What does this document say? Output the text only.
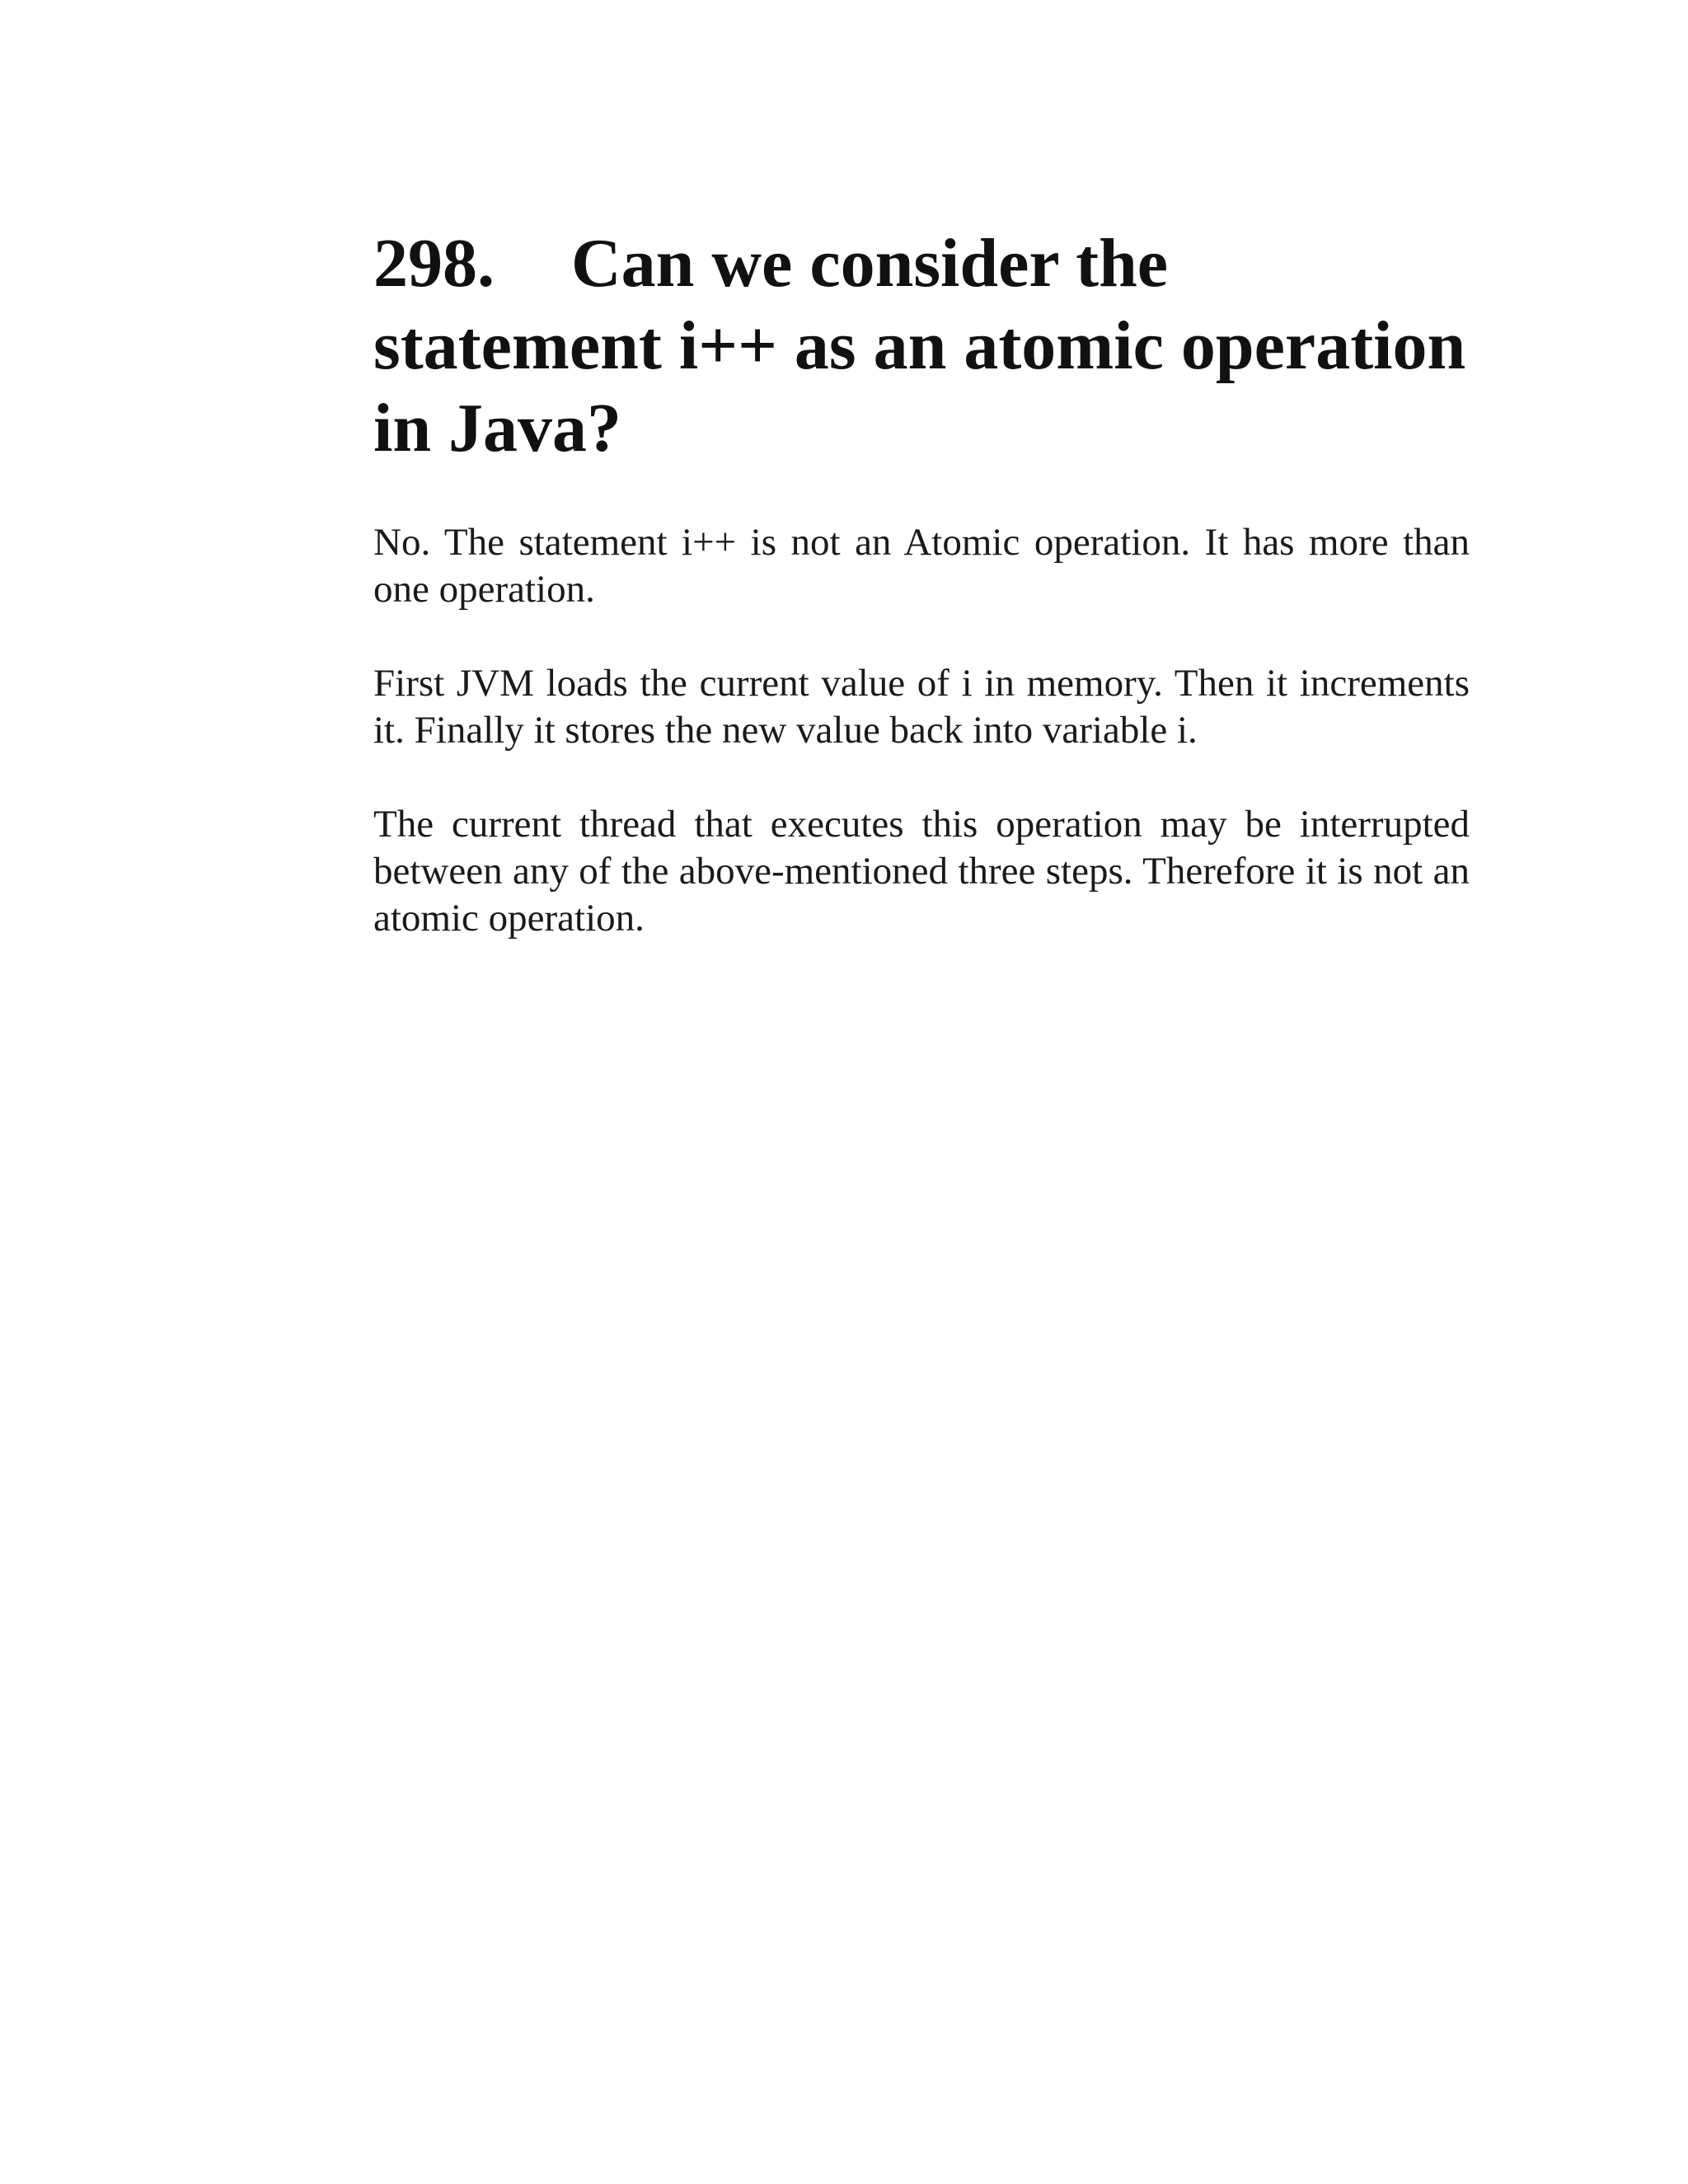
298. Can we consider the statement i++ as an atomic operation in Java?

No. The statement i++ is not an Atomic operation. It has more than one operation.

First JVM loads the current value of i in memory. Then it increments it. Finally it stores the new value back into variable i.

The current thread that executes this operation may be interrupted between any of the above-mentioned three steps. Therefore it is not an atomic operation.
